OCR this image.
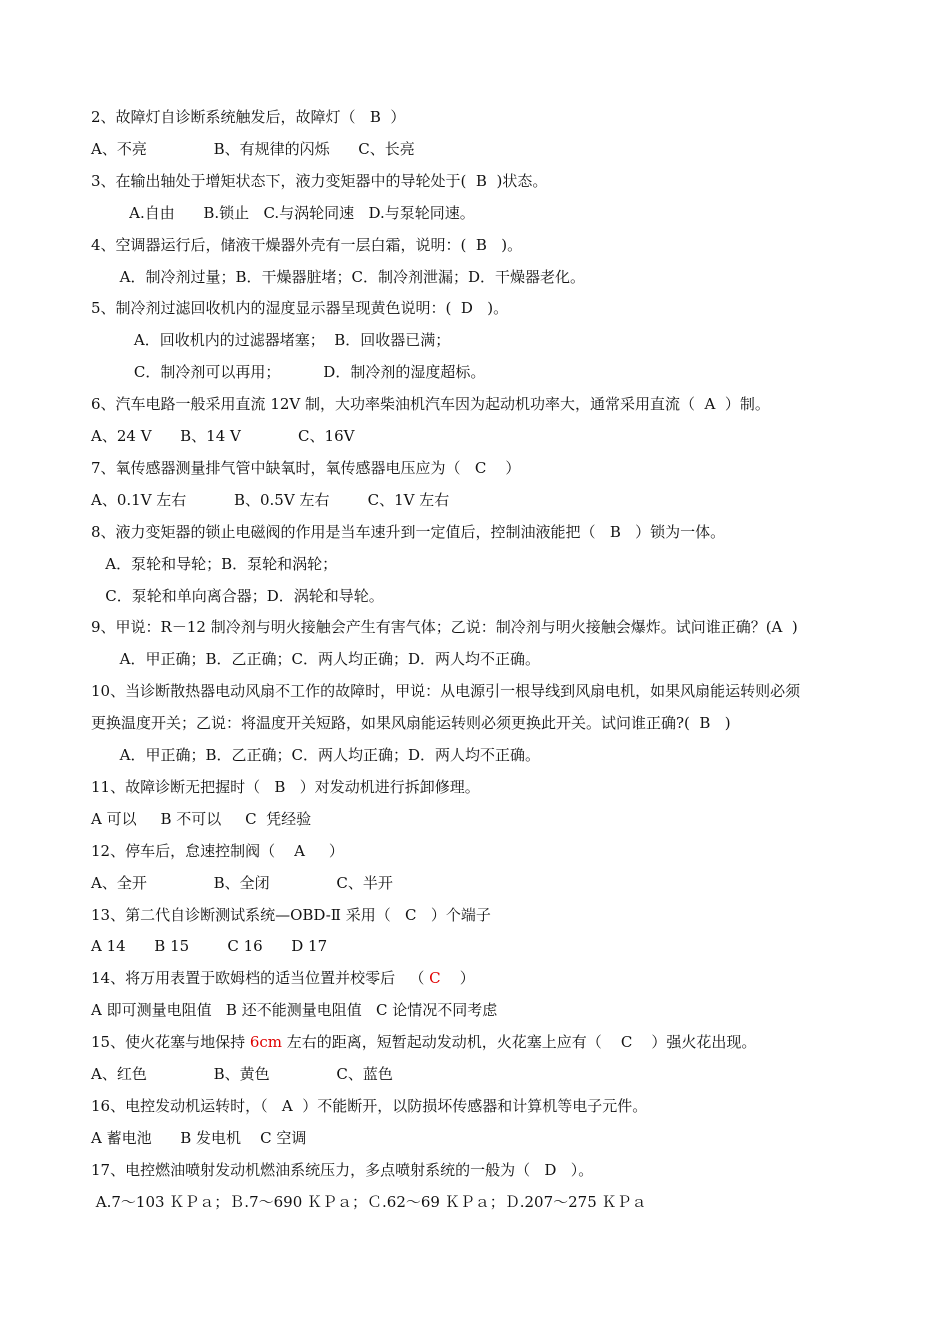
2、故障灯自诊断系统触发后，故障灯（   B  ）
A、不亮              B、有规律的闪烁      C、长亮
3、在输出轴处于增矩状态下，液力变矩器中的导轮处于(  B  )状态。
A.自由      B.锁止   C.与涡轮同速   D.与泵轮同速。
4、空调器运行后，储液干燥器外壳有一层白霜，说明：(  B   )。
A．制冷剂过量；B．干燥器脏堵；C．制冷剂泄漏；D．干燥器老化。
5、制冷剂过滤回收机内的湿度显示器呈现黄色说明：(  D   )。
A．回收机内的过滤器堵塞；  B．回收器已满；
C．制冷剂可以再用；         D．制冷剂的湿度超标。
6、汽车电路一般采用直流 12V 制，大功率柴油机汽车因为起动机功率大，通常采用直流（  A  ）制。
A、24 V      B、14 V            C、16V
7、氧传感器测量排气管中缺氧时，氧传感器电压应为（   C    ）
A、0.1V 左右          B、0.5V 左右        C、1V 左右
8、液力变矩器的锁止电磁阀的作用是当车速升到一定值后，控制油液能把（   B   ）锁为一体。
A．泵轮和导轮；B．泵轮和涡轮；
C．泵轮和单向离合器；D．涡轮和导轮。
9、甲说：R－12 制冷剂与明火接触会产生有害气体；乙说：制冷剂与明火接触会爆炸。试问谁正确？(A  )
A．甲正确；B．乙正确；C．两人均正确；D．两人均不正确。
10、当诊断散热器电动风扇不工作的故障时，甲说：从电源引一根导线到风扇电机，如果风扇能运转则必须
更换温度开关；乙说：将温度开关短路，如果风扇能运转则必须更换此开关。试问谁正确?(  B   )
A．甲正确；B．乙正确；C．两人均正确；D．两人均不正确。
11、故障诊断无把握时（   B   ）对发动机进行拆卸修理。
A 可以     B 不可以     C  凭经验
12、停车后，怠速控制阀（    A     ）
A、全开              B、全闭              C、半开
13、第二代自诊断测试系统—OBD-Ⅱ 采用（   C   ）个端子
A 14      B 15        C 16      D 17
14、将万用表置于欧姆档的适当位置并校零后   （ C    ）
A 即可测量电阻值   B 还不能测量电阻值   C 论情况不同考虑
15、使火花塞与地保持 6cm 左右的距离，短暂起动发动机，火花塞上应有（    C    ）强火花出现。
A、红色              B、黄色              C、蓝色
16、电控发动机运转时，（   A  ）不能断开，以防损坏传感器和计算机等电子元件。
A 蓄电池      B 发电机    C 空调
17、电控燃油喷射发动机燃油系统压力，多点喷射系统的一般为（   D   ）。
A.7～103 ＫＰａ；Ｂ.7～690 ＫＰａ；Ｃ.62～69 ＫＰａ；Ｄ.207～275 ＫＰａ
